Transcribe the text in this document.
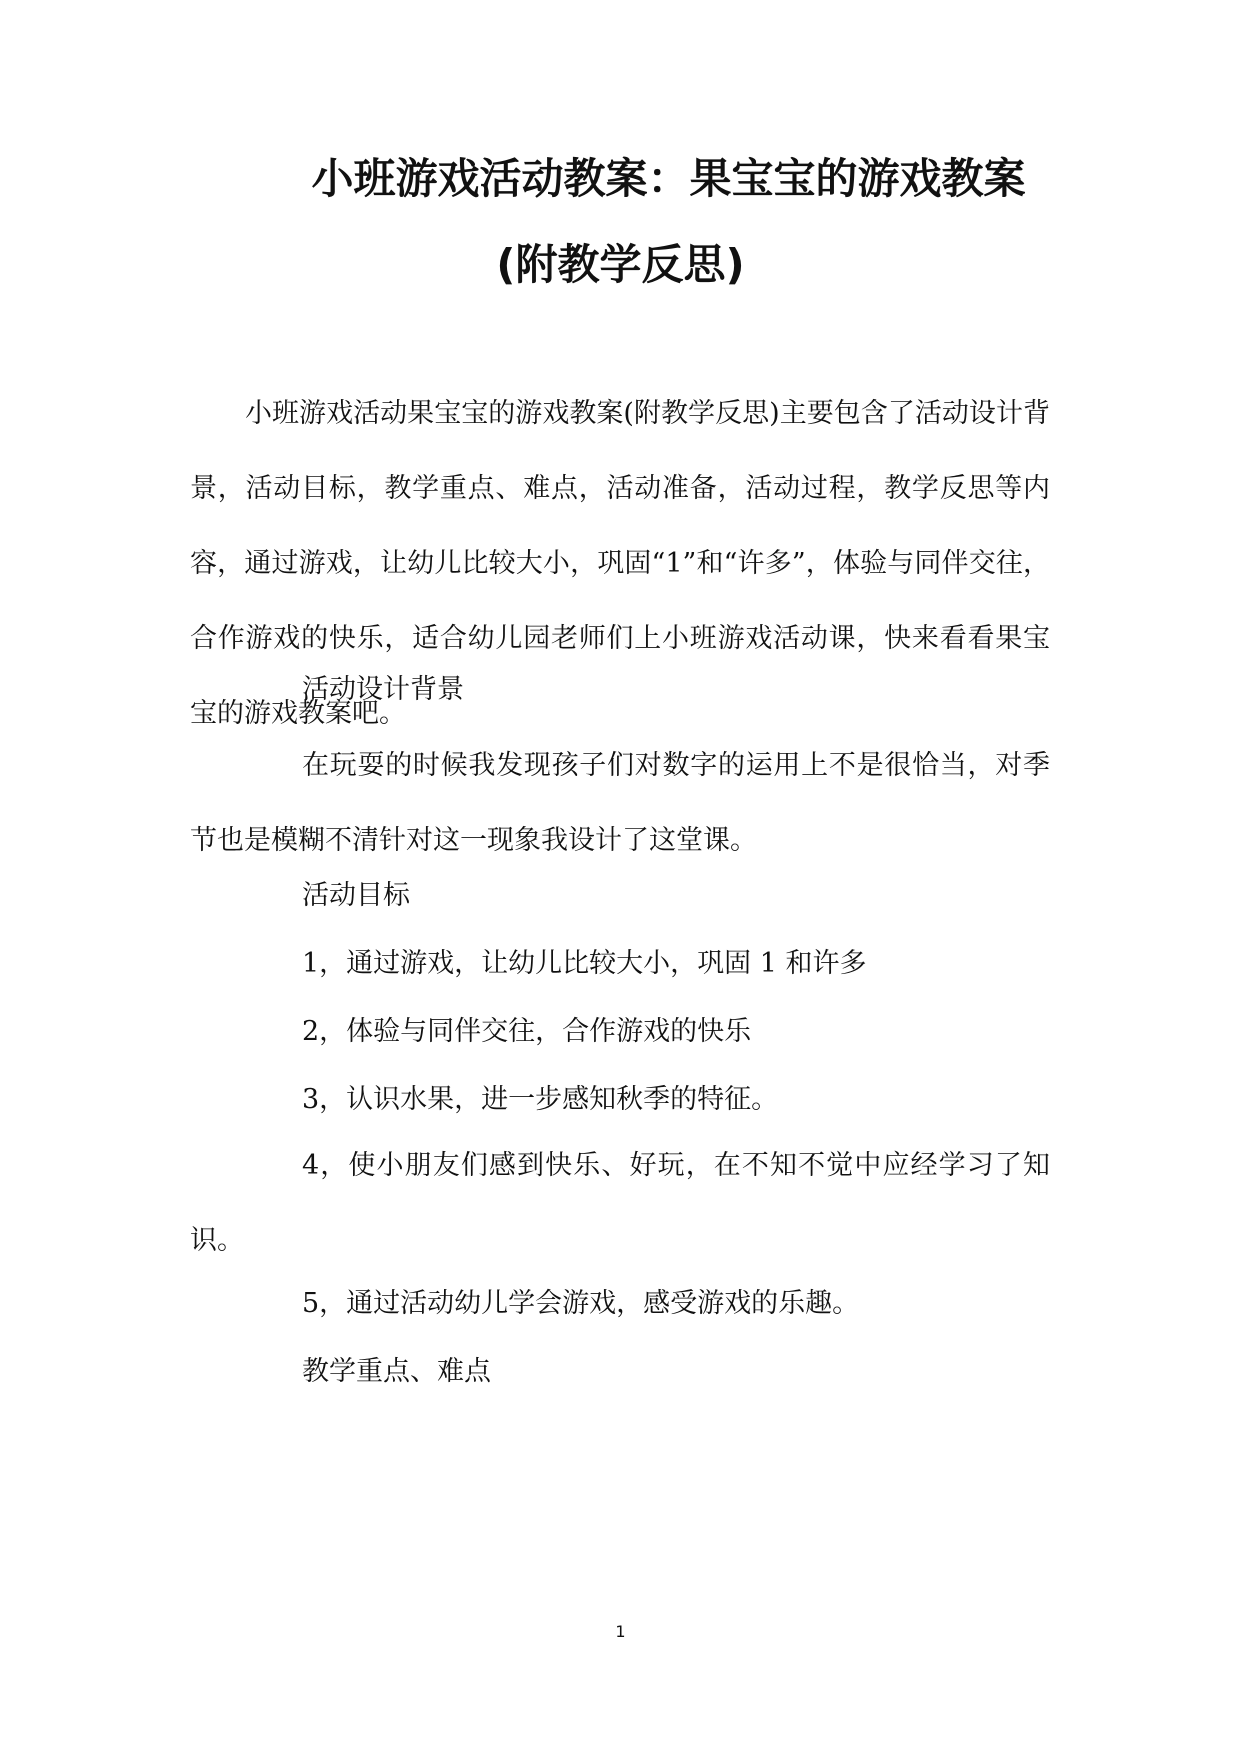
小班游戏活动教案：果宝宝的游戏教案
(附教学反思)
小班游戏活动果宝宝的游戏教案(附教学反思)主要包含了活动设计背景，活动目标，教学重点、难点，活动准备，活动过程，教学反思等内容，通过游戏，让幼儿比较大小，巩固“1”和“许多”，体验与同伴交往，合作游戏的快乐，适合幼儿园老师们上小班游戏活动课，快来看看果宝宝的游戏教案吧。
活动设计背景
在玩耍的时候我发现孩子们对数字的运用上不是很恰当，对季节也是模糊不清针对这一现象我设计了这堂课。
活动目标
1，通过游戏，让幼儿比较大小，巩固 1 和许多
2，体验与同伴交往，合作游戏的快乐
3，认识水果，进一步感知秋季的特征。
4，使小朋友们感到快乐、好玩，在不知不觉中应经学习了知识。
5，通过活动幼儿学会游戏，感受游戏的乐趣。
教学重点、难点
1
